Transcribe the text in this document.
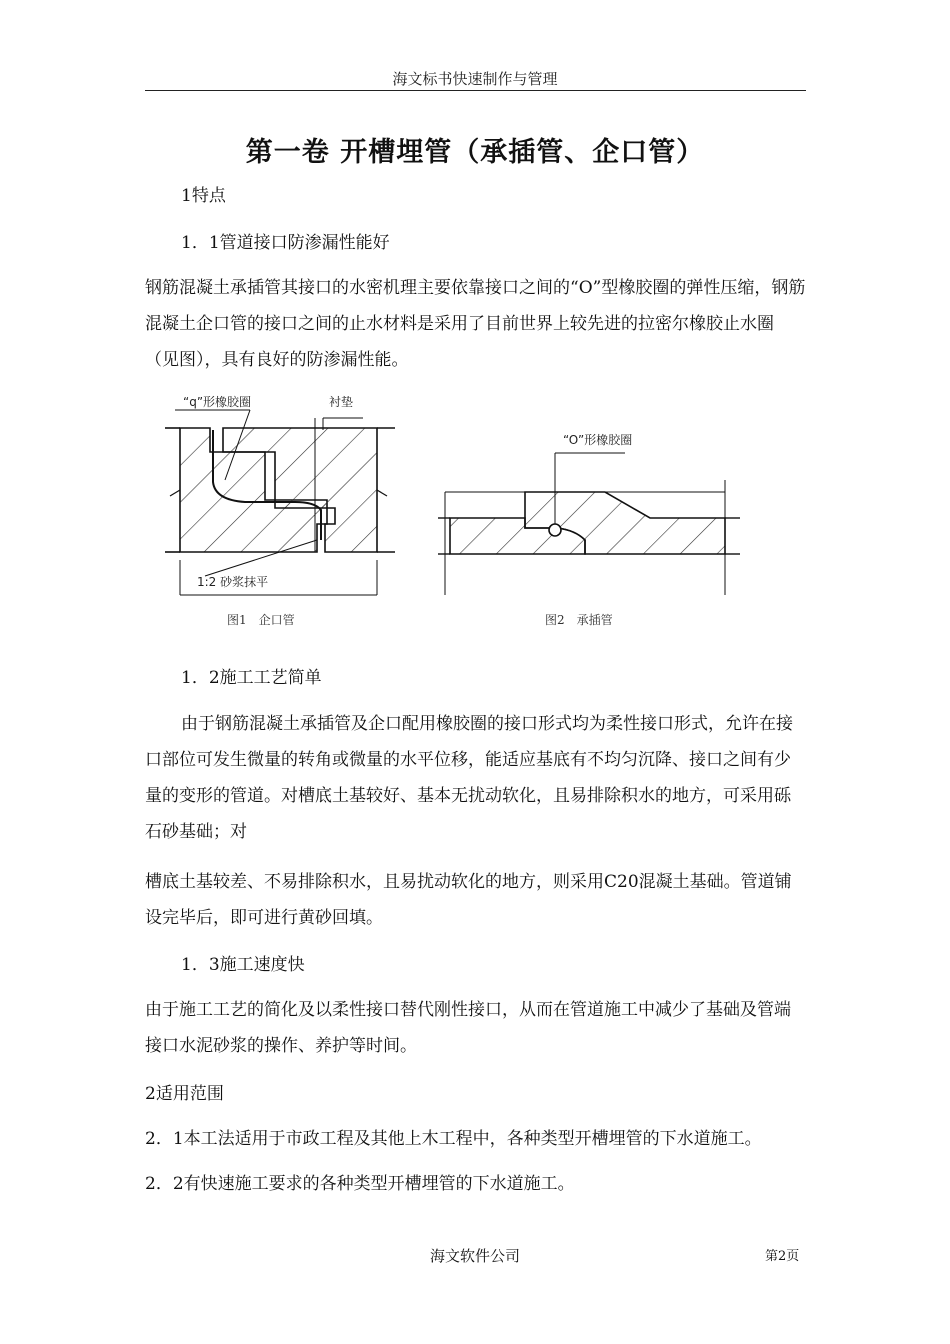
海文标书快速制作与管理
第一卷 开槽埋管（承插管、企口管）

1特点

1．1管道接口防渗漏性能好

钢筋混凝土承插管其接口的水密机理主要依靠接口之间的“O”型橡胶圈的弹性压缩，钢筋混凝土企口管的接口之间的止水材料是采用了目前世界上较先进的拉密尔橡胶止水圈（见图），具有良好的防渗漏性能。

“q”形橡胶圈	衬垫
1:2 砂浆抹平
图1　企口管
“O”形橡胶圈
图2　承插管

1．2施工工艺简单

由于钢筋混凝土承插管及企口配用橡胶圈的接口形式均为柔性接口形式，允许在接口部位可发生微量的转角或微量的水平位移，能适应基底有不均匀沉降、接口之间有少量的变形的管道。对槽底土基较好、基本无扰动软化，且易排除积水的地方，可采用砾石砂基础；对

槽底土基较差、不易排除积水，且易扰动软化的地方，则采用C20混凝土基础。管道铺设完毕后，即可进行黄砂回填。

1．3施工速度快

由于施工工艺的简化及以柔性接口替代刚性接口，从而在管道施工中减少了基础及管端接口水泥砂浆的操作、养护等时间。

2适用范围

2．1本工法适用于市政工程及其他上木工程中，各种类型开槽埋管的下水道施工。

2．2有快速施工要求的各种类型开槽埋管的下水道施工。

海文软件公司	第2页
